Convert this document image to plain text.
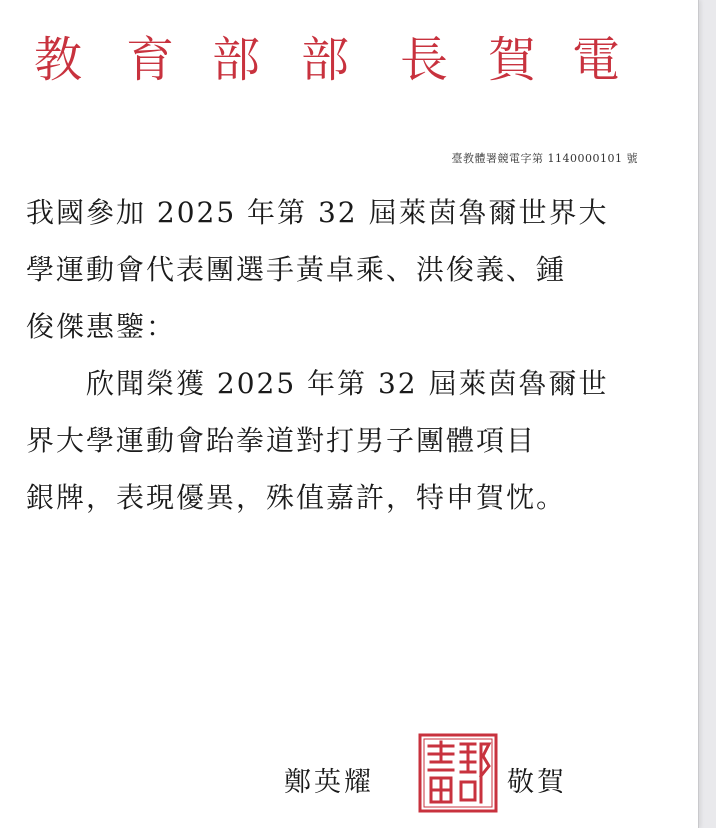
教 育 部 部 長 賀 電
臺教體署競電字第 1140000101 號
我國參加 2025 年第 32 屆萊茵魯爾世界大
學運動會代表團選手黃卓乘、洪俊義、鍾
俊傑惠鑒：
　　欣聞榮獲 2025 年第 32 屆萊茵魯爾世
界大學運動會跆拳道對打男子團體項目
銀牌，表現優異，殊值嘉許，特申賀忱。
鄭英耀	敬賀
